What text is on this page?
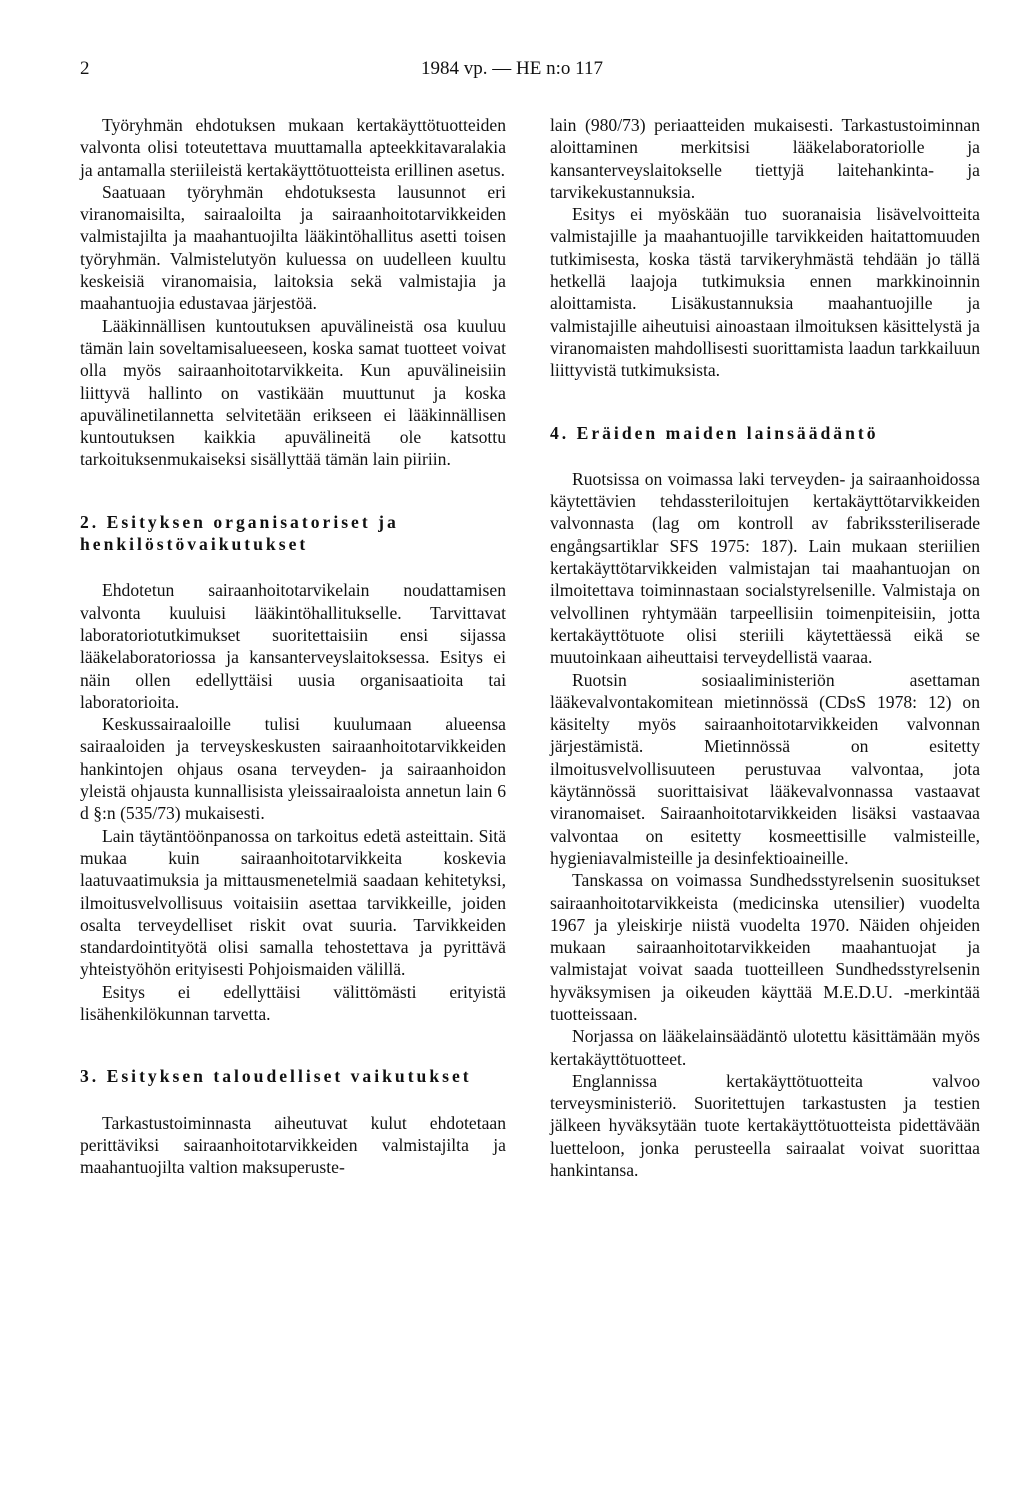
2	1984 vp. — HE n:o 117

Työryhmän ehdotuksen mukaan kertakäyttötuotteiden valvonta olisi toteutettava muuttamalla apteekkitavaralakia ja antamalla steriileistä kertakäyttötuotteista erillinen asetus.

Saatuaan työryhmän ehdotuksesta lausunnot eri viranomaisilta, sairaaloilta ja sairaanhoitotarvikkeiden valmistajilta ja maahantuojilta lääkintöhallitus asetti toisen työryhmän. Valmistelutyön kuluessa on uudelleen kuultu keskeisiä viranomaisia, laitoksia sekä valmistajia ja maahantuojia edustavaa järjestöä.

Lääkinnällisen kuntoutuksen apuvälineistä osa kuuluu tämän lain soveltamisalueeseen, koska samat tuotteet voivat olla myös sairaanhoitotarvikkeita. Kun apuvälineisiin liittyvä hallinto on vastikään muuttunut ja koska apuvälinetilannetta selvitetään erikseen ei lääkinnällisen kuntoutuksen kaikkia apuvälineitä ole katsottu tarkoituksenmukaiseksi sisällyttää tämän lain piiriin.

2. Esityksen organisatoriset ja henkilöstövaikutukset

Ehdotetun sairaanhoitotarvikelain noudattamisen valvonta kuuluisi lääkintöhallitukselle. Tarvittavat laboratoriotutkimukset suoritettaisiin ensi sijassa lääkelaboratoriossa ja kansanterveyslaitoksessa. Esitys ei näin ollen edellyttäisi uusia organisaatioita tai laboratorioita.

Keskussairaaloille tulisi kuulumaan alueensa sairaaloiden ja terveyskeskusten sairaanhoitotarvikkeiden hankintojen ohjaus osana terveyden- ja sairaanhoidon yleistä ohjausta kunnallisista yleissairaaloista annetun lain 6 d §:n (535/73) mukaisesti.

Lain täytäntöönpanossa on tarkoitus edetä asteittain. Sitä mukaa kuin sairaanhoitotarvikkeita koskevia laatuvaatimuksia ja mittausmenetelmiä saadaan kehitetyksi, ilmoitusvelvollisuus voitaisiin asettaa tarvikkeille, joiden osalta terveydelliset riskit ovat suuria. Tarvikkeiden standardointityötä olisi samalla tehostettava ja pyrittävä yhteistyöhön erityisesti Pohjoismaiden välillä.

Esitys ei edellyttäisi välittömästi erityistä lisähenkilökunnan tarvetta.

3. Esityksen taloudelliset vaikutukset

Tarkastustoiminnasta aiheutuvat kulut ehdotetaan perittäviksi sairaanhoitotarvikkeiden valmistajilta ja maahantuojilta valtion maksuperuste-

lain (980/73) periaatteiden mukaisesti. Tarkastustoiminnan aloittaminen merkitsisi lääkelaboratoriolle ja kansanterveyslaitokselle tiettyjä laitehankinta- ja tarvikekustannuksia.

Esitys ei myöskään tuo suoranaisia lisävelvoitteita valmistajille ja maahantuojille tarvikkeiden haitattomuuden tutkimisesta, koska tästä tarvikeryhmästä tehdään jo tällä hetkellä laajoja tutkimuksia ennen markkinoinnin aloittamista. Lisäkustannuksia maahantuojille ja valmistajille aiheutuisi ainoastaan ilmoituksen käsittelystä ja viranomaisten mahdollisesti suorittamista laadun tarkkailuun liittyvistä tutkimuksista.

4. Eräiden maiden lainsäädäntö

Ruotsissa on voimassa laki terveyden- ja sairaanhoidossa käytettävien tehdassteriloitujen kertakäyttötarvikkeiden valvonnasta (lag om kontroll av fabrikssteriliserade engångsartiklar SFS 1975: 187). Lain mukaan steriilien kertakäyttötarvikkeiden valmistajan tai maahantuojan on ilmoitettava toiminnastaan socialstyrelsenille. Valmistaja on velvollinen ryhtymään tarpeellisiin toimenpiteisiin, jotta kertakäyttötuote olisi steriili käytettäessä eikä se muutoinkaan aiheuttaisi terveydellistä vaaraa.

Ruotsin sosiaaliministeriön asettaman lääkevalvontakomitean mietinnössä (CDsS 1978: 12) on käsitelty myös sairaanhoitotarvikkeiden valvonnan järjestämistä. Mietinnössä on esitetty ilmoitusvelvollisuuteen perustuvaa valvontaa, jota käytännössä suorittaisivat lääkevalvonnassa vastaavat viranomaiset. Sairaanhoitotarvikkeiden lisäksi vastaavaa valvontaa on esitetty kosmeettisille valmisteille, hygieniavalmisteille ja desinfektioaineille.

Tanskassa on voimassa Sundhedsstyrelsenin suositukset sairaanhoitotarvikkeista (medicinska utensilier) vuodelta 1967 ja yleiskirje niistä vuodelta 1970. Näiden ohjeiden mukaan sairaanhoitotarvikkeiden maahantuojat ja valmistajat voivat saada tuotteilleen Sundhedsstyrelsenin hyväksymisen ja oikeuden käyttää M.E.D.U. -merkintää tuotteissaan.

Norjassa on lääkelainsäädäntö ulotettu käsittämään myös kertakäyttötuotteet.

Englannissa kertakäyttötuotteita valvoo terveysministeriö. Suoritettujen tarkastusten ja testien jälkeen hyväksytään tuote kertakäyttötuotteista pidettävään luetteloon, jonka perusteella sairaalat voivat suorittaa hankintansa.
